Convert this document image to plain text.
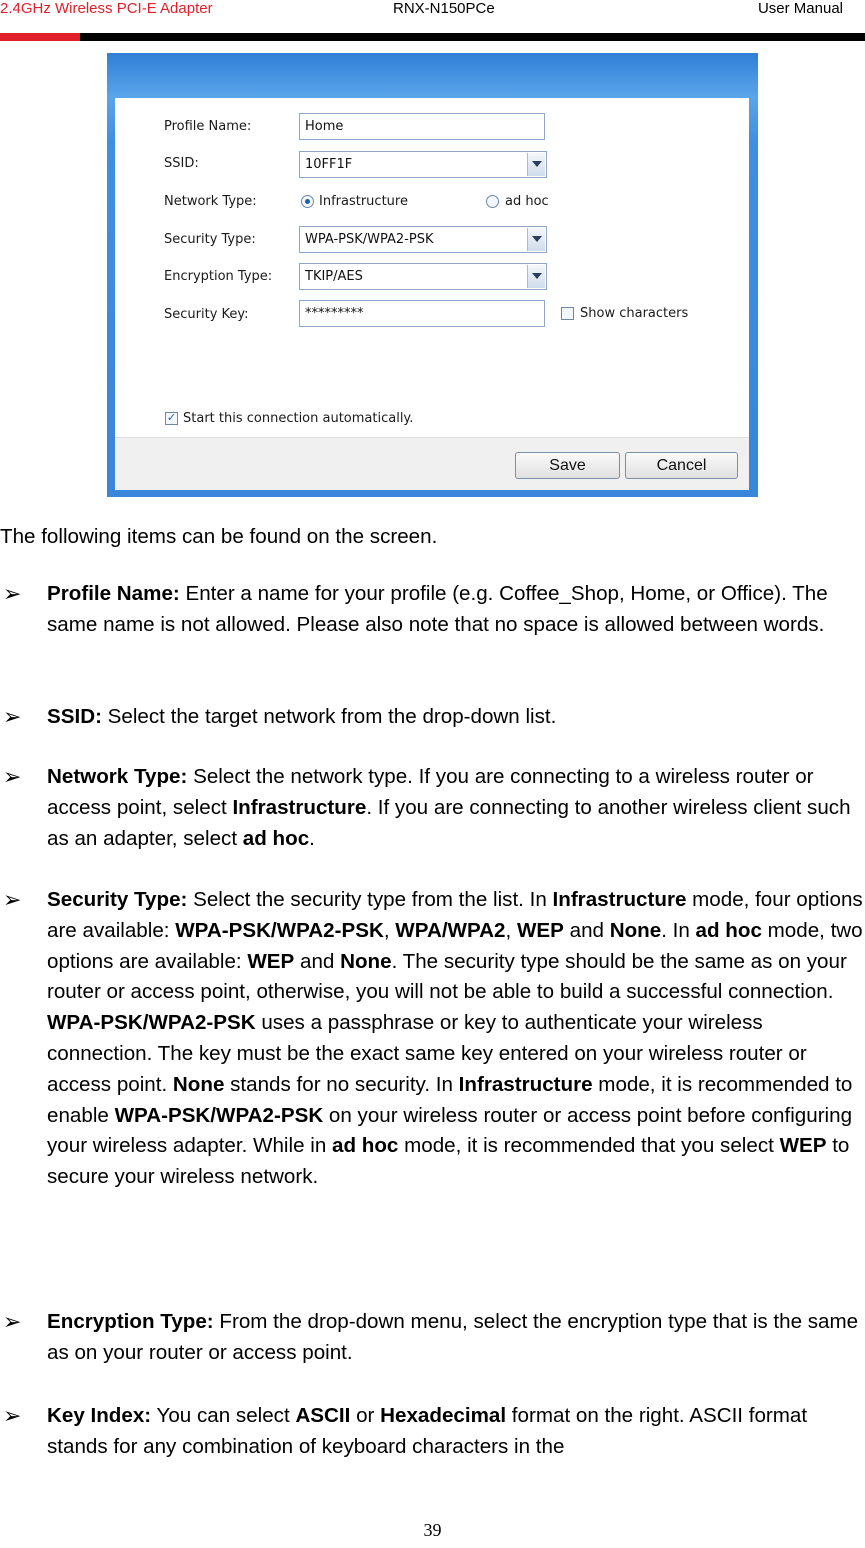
2.4GHz Wireless PCI-E Adapter	RNX-N150PCe	User Manual
Profile Name:	Home
SSID:	10FF1F
Network Type:	Infrastructure	ad hoc
Security Type:	WPA-PSK/WPA2-PSK
Encryption Type:	TKIP/AES
Security Key:	*********	Show characters
✓ Start this connection automatically.
Save	Cancel
The following items can be found on the screen.
➢ Profile Name: Enter a name for your profile (e.g. Coffee_Shop, Home, or Office). The same name is not allowed. Please also note that no space is allowed between words.

➢ SSID: Select the target network from the drop-down list.

➢ Network Type: Select the network type. If you are connecting to a wireless router or access point, select Infrastructure. If you are connecting to another wireless client such as an adapter, select ad hoc.

➢ Security Type: Select the security type from the list. In Infrastructure mode, four options are available: WPA-PSK/WPA2-PSK, WPA/WPA2, WEP and None. In ad hoc mode, two options are available: WEP and None. The security type should be the same as on your router or access point, otherwise, you will not be able to build a successful connection. WPA-PSK/WPA2-PSK uses a passphrase or key to authenticate your wireless connection. The key must be the exact same key entered on your wireless router or access point. None stands for no security. In Infrastructure mode, it is recommended to enable WPA-PSK/WPA2-PSK on your wireless router or access point before configuring your wireless adapter. While in ad hoc mode, it is recommended that you select WEP to secure your wireless network.

➢ Encryption Type: From the drop-down menu, select the encryption type that is the same as on your router or access point.

➢ Key Index: You can select ASCII or Hexadecimal format on the right. ASCII format stands for any combination of keyboard characters in the

39
